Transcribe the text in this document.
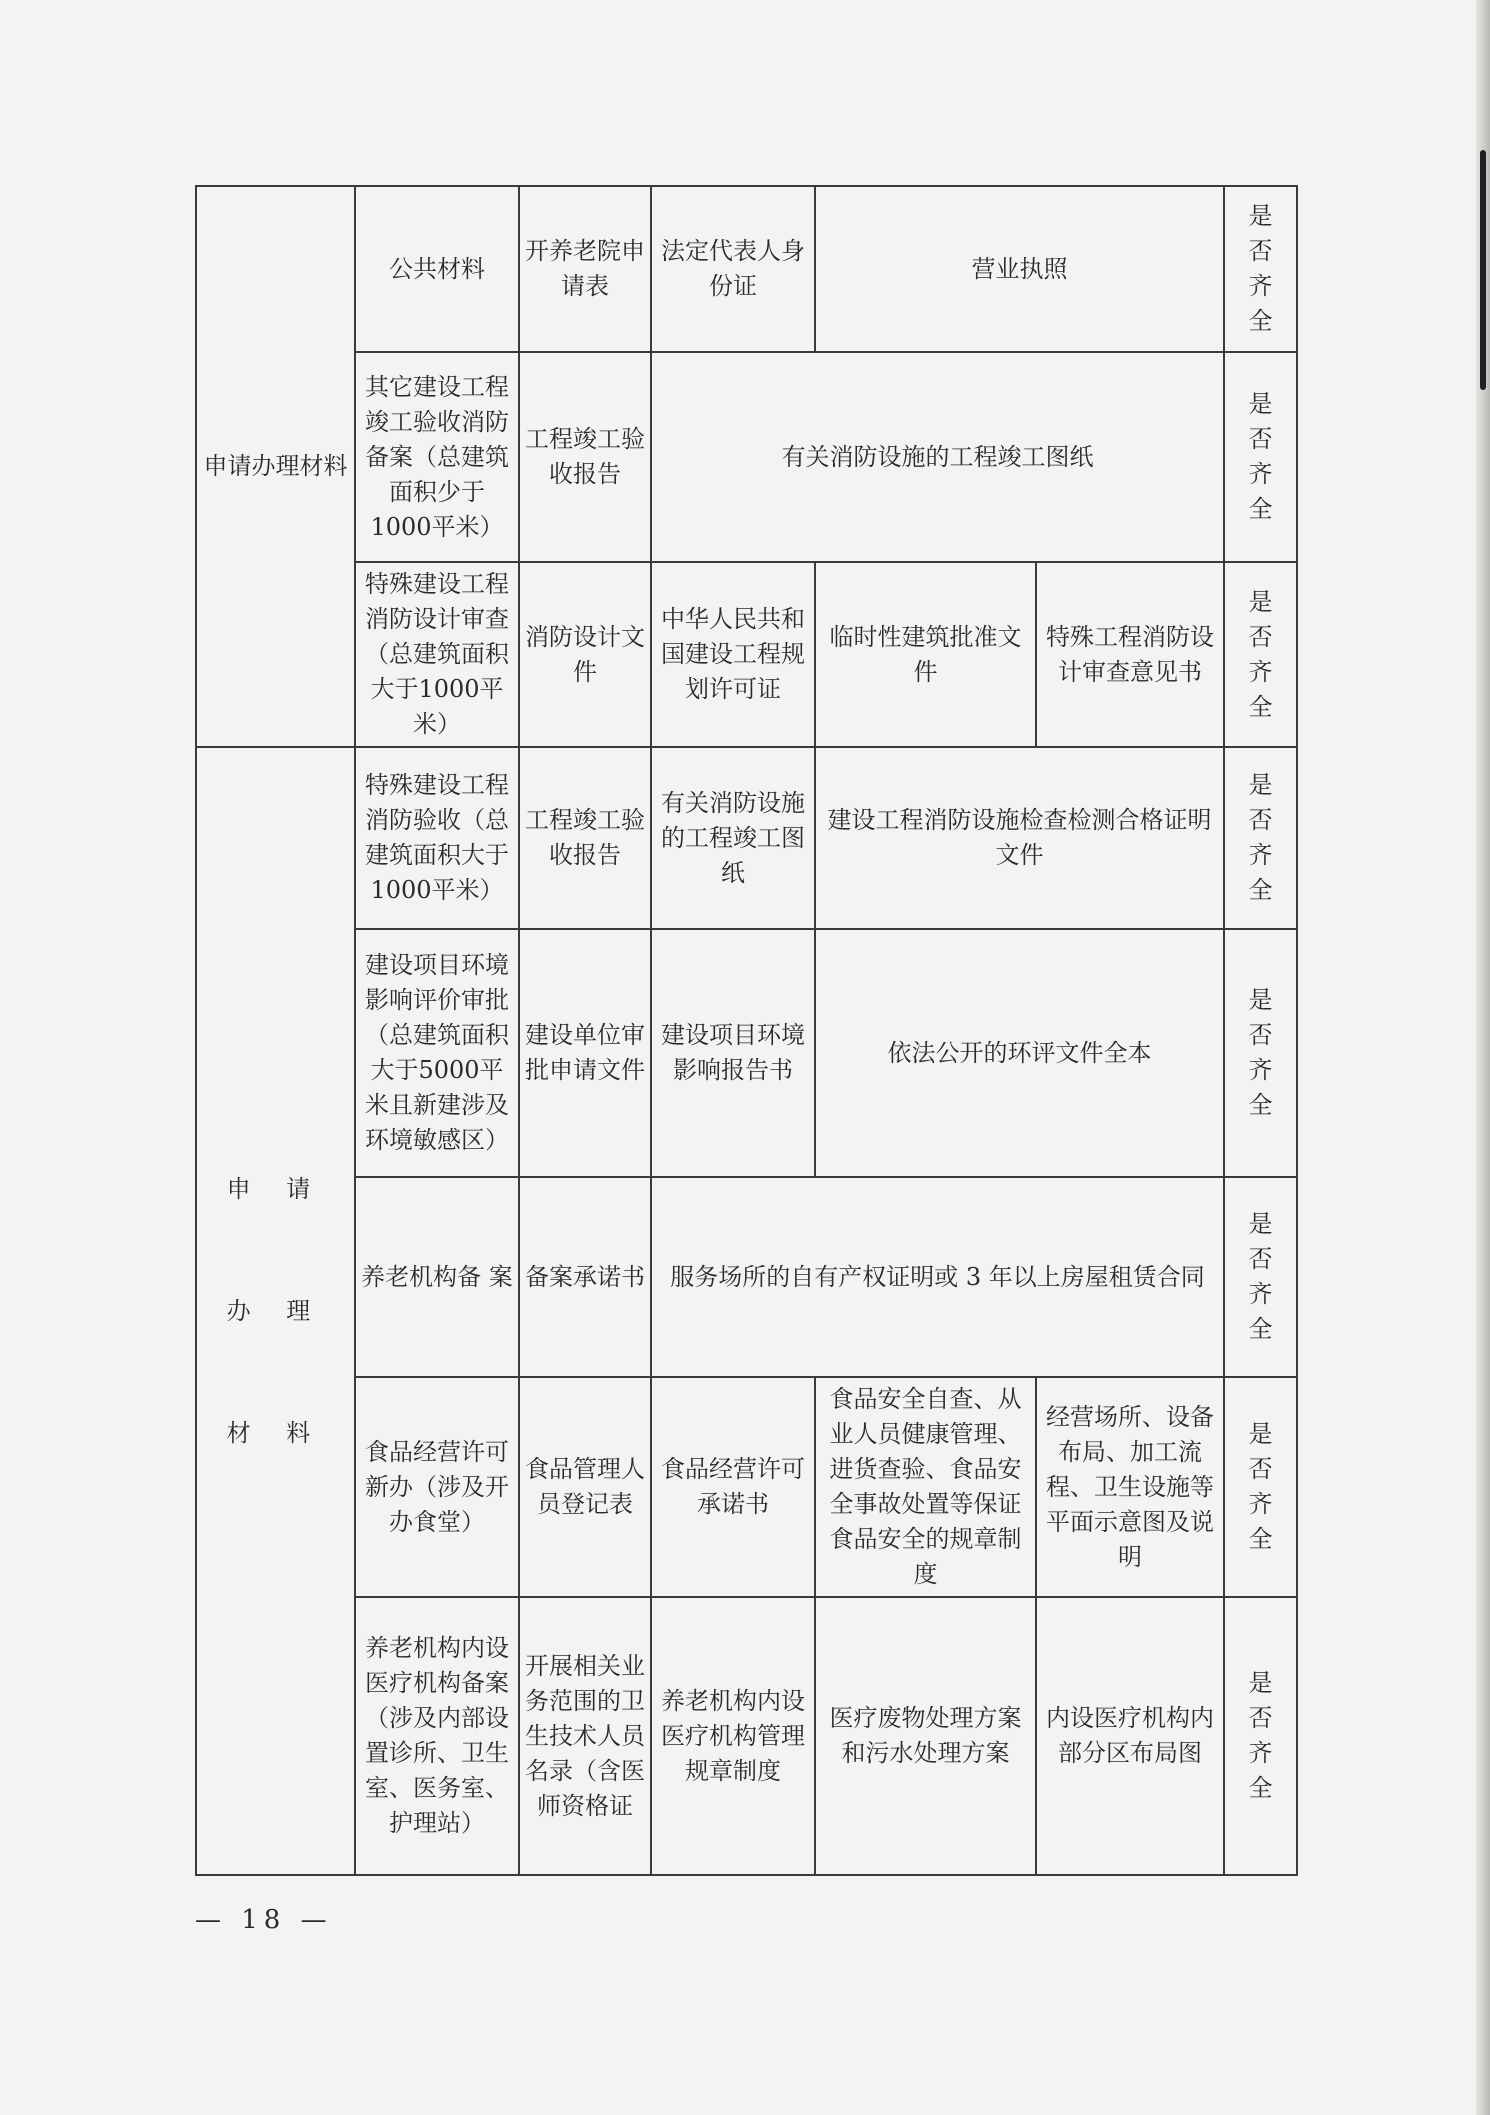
申请办理材料	公共材料	开养老院申请表	法定代表人身份证	营业执照		是否齐全

	其它建设工程竣工验收消防备案（总建筑面积少于1000平米）	工程竣工验收报告	有关消防设施的工程竣工图纸			是否齐全

	特殊建设工程消防设计审查（总建筑面积大于1000平米）	消防设计文件	中华人民共和国建设工程规划许可证	临时性建筑批准文件	特殊工程消防设计审查意见书	是否齐全

申 请
办 理
材 料	特殊建设工程消防验收（总建筑面积大于1000平米）	工程竣工验收报告	有关消防设施的工程竣工图纸	建设工程消防设施检查检测合格证明文件		是否齐全

	建设项目环境影响评价审批（总建筑面积大于5000平米且新建涉及环境敏感区）	建设单位审批申请文件	建设项目环境影响报告书	依法公开的环评文件全本		是否齐全

	养老机构备 案	备案承诺书	服务场所的自有产权证明或 3 年以上房屋租赁合同			是否齐全

	食品经营许可新办（涉及开办食堂）	食品管理人员登记表	食品经营许可承诺书	食品安全自查、从业人员健康管理、进货查验、食品安全事故处置等保证食品安全的规章制度	经营场所、设备布局、加工流程、卫生设施等平面示意图及说明	是否齐全

	养老机构内设医疗机构备案（涉及内部设置诊所、卫生室、医务室、护理站）	开展相关业务范围的卫生技术人员名录（含医师资格证	养老机构内设医疗机构管理规章制度	医疗废物处理方案和污水处理方案	内设医疗机构内部分区布局图	是否齐全
— 18 —
